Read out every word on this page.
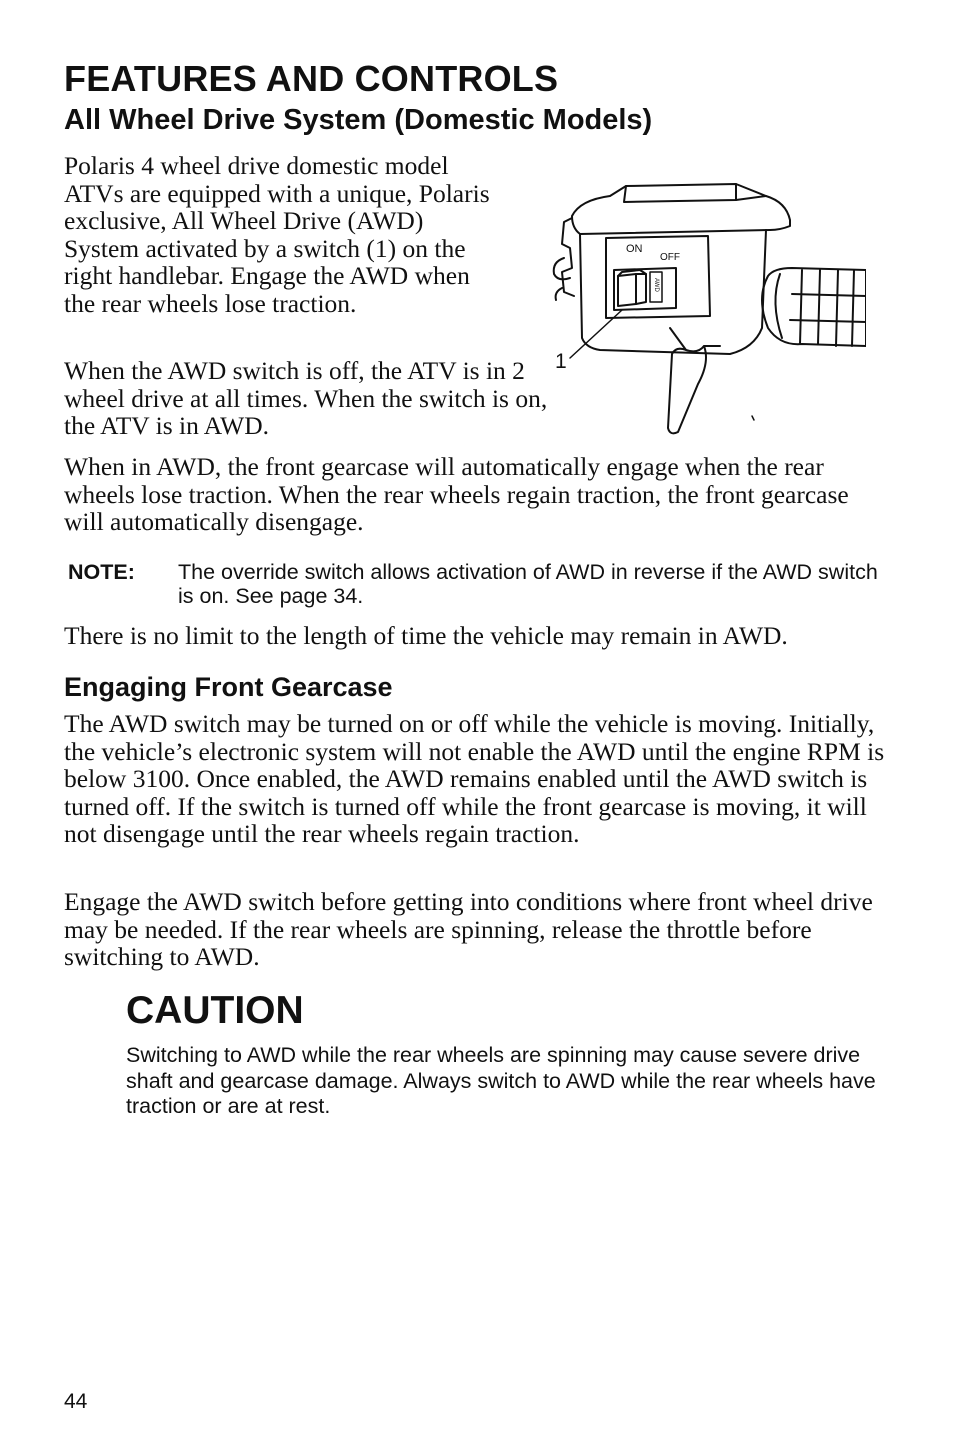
FEATURES AND CONTROLS
All Wheel Drive System (Domestic Models)

Polaris 4 wheel drive domestic model ATVs are equipped with a unique, Polaris exclusive, All Wheel Drive (AWD) System activated by a switch (1) on the right handlebar. Engage the AWD when the rear wheels lose traction.

When the AWD switch is off, the ATV is in 2 wheel drive at all times. When the switch is on, the ATV is in AWD.

ON
OFF
AWD
1

When in AWD, the front gearcase will automatically engage when the rear wheels lose traction. When the rear wheels regain traction, the front gearcase will automatically disengage.

NOTE: The override switch allows activation of AWD in reverse if the AWD switch is on. See page 34.

There is no limit to the length of time the vehicle may remain in AWD.

Engaging Front Gearcase

The AWD switch may be turned on or off while the vehicle is moving. Initially, the vehicle’s electronic system will not enable the AWD until the engine RPM is below 3100. Once enabled, the AWD remains enabled until the AWD switch is turned off. If the switch is turned off while the front gearcase is moving, it will not disengage until the rear wheels regain traction.

Engage the AWD switch before getting into conditions where front wheel drive may be needed. If the rear wheels are spinning, release the throttle before switching to AWD.

CAUTION
Switching to AWD while the rear wheels are spinning may cause severe drive shaft and gearcase damage. Always switch to AWD while the rear wheels have traction or are at rest.
44
